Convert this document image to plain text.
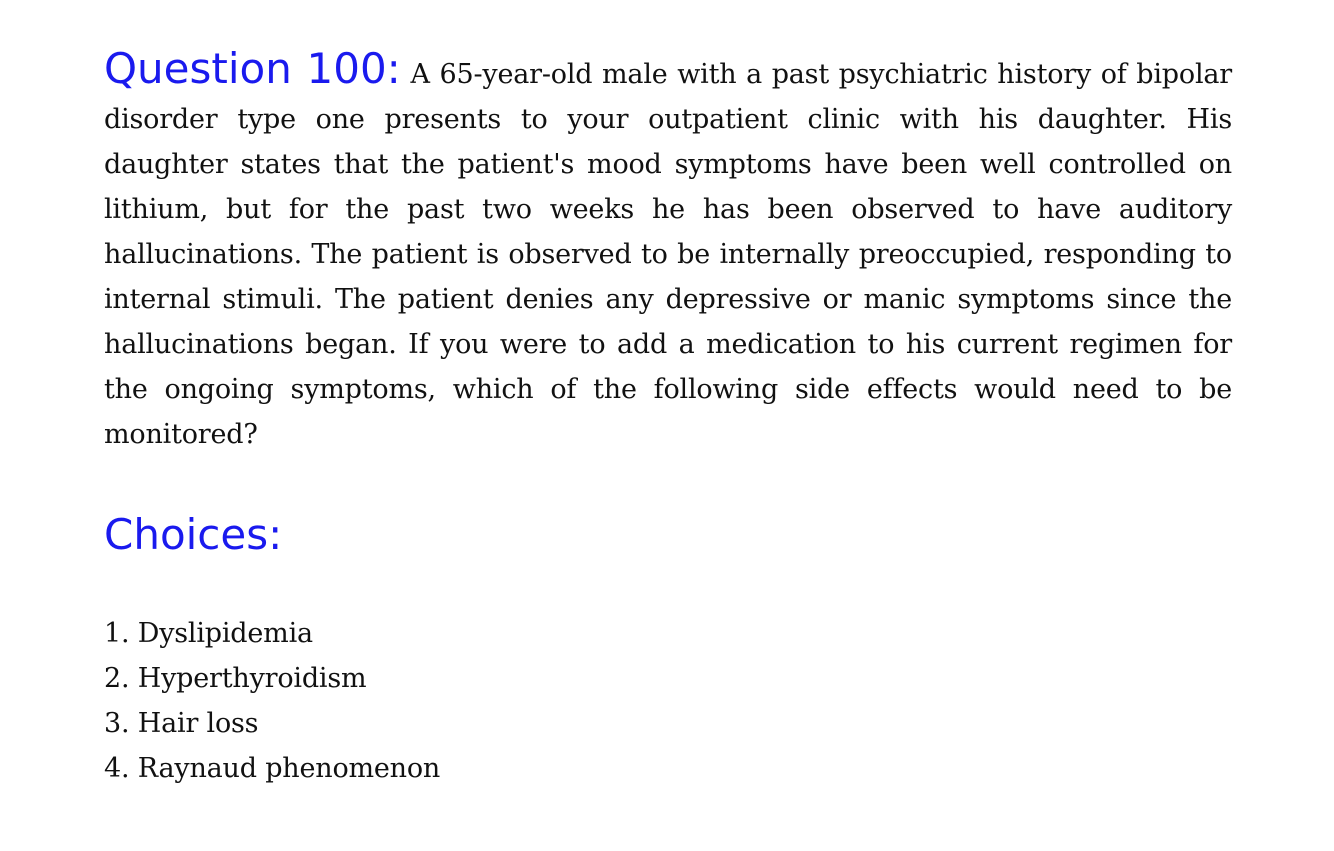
Question 100: A 65-year-old male with a past psychiatric history of bipolar disorder type one presents to your outpatient clinic with his daughter. His daughter states that the patient's mood symptoms have been well controlled on lithium, but for the past two weeks he has been observed to have auditory hallucinations. The patient is observed to be internally preoccupied, responding to internal stimuli. The patient denies any depressive or manic symptoms since the hallucinations began. If you were to add a medication to his current regimen for the ongoing symptoms, which of the following side effects would need to be monitored?

Choices:
1. Dyslipidemia
2. Hyperthyroidism
3. Hair loss
4. Raynaud phenomenon
